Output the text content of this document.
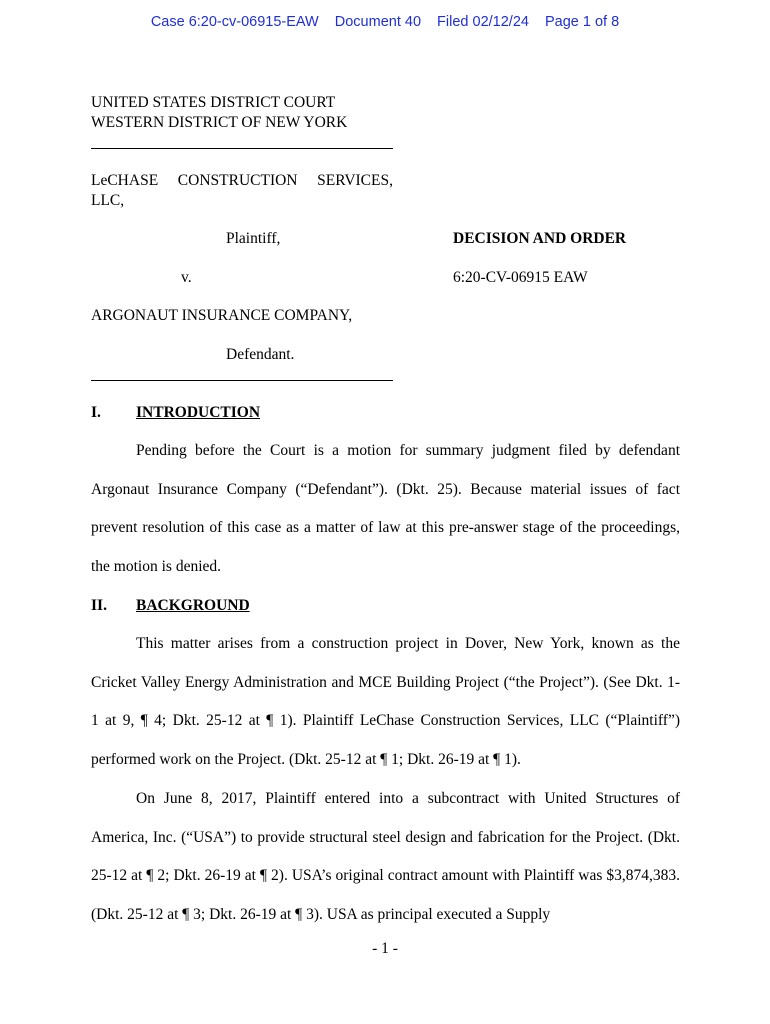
Case 6:20-cv-06915-EAW Document 40 Filed 02/12/24 Page 1 of 8
UNITED STATES DISTRICT COURT
WESTERN DISTRICT OF NEW YORK
LeCHASE CONSTRUCTION SERVICES,
LLC,
Plaintiff,
v.
ARGONAUT INSURANCE COMPANY,
Defendant.
DECISION AND ORDER
6:20-CV-06915 EAW
I. INTRODUCTION

Pending before the Court is a motion for summary judgment filed by defendant Argonaut Insurance Company (“Defendant”). (Dkt. 25). Because material issues of fact prevent resolution of this case as a matter of law at this pre-answer stage of the proceedings, the motion is denied.

II. BACKGROUND

This matter arises from a construction project in Dover, New York, known as the Cricket Valley Energy Administration and MCE Building Project (“the Project”). (See Dkt. 1-1 at 9, ¶ 4; Dkt. 25-12 at ¶ 1). Plaintiff LeChase Construction Services, LLC (“Plaintiff”) performed work on the Project. (Dkt. 25-12 at ¶ 1; Dkt. 26-19 at ¶ 1).

On June 8, 2017, Plaintiff entered into a subcontract with United Structures of America, Inc. (“USA”) to provide structural steel design and fabrication for the Project. (Dkt. 25-12 at ¶ 2; Dkt. 26-19 at ¶ 2). USA’s original contract amount with Plaintiff was $3,874,383. (Dkt. 25-12 at ¶ 3; Dkt. 26-19 at ¶ 3). USA as principal executed a Supply

- 1 -
